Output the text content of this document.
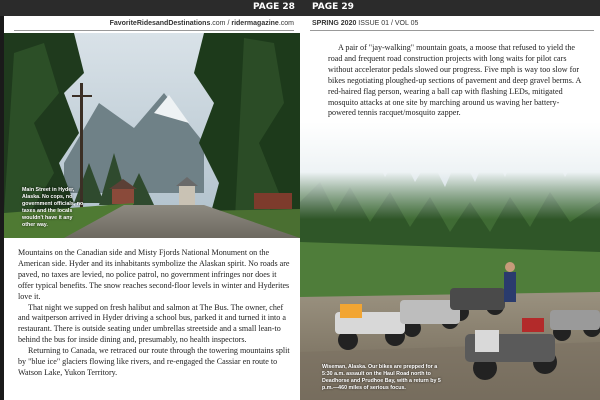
PAGE 28 PAGE 29
FavoriteRidesandDestinations.com / ridermagazine.com
Main Street in Hyder, Alaska. No cops, no government officials, no taxes and the locals wouldn't have it any other way.

Mountains on the Canadian side and Misty Fjords National Monument on the American side. Hyder and its inhabitants symbolize the Alaskan spirit. No roads are paved, no taxes are levied, no police patrol, no government infringes nor does it offer typical benefits. The snow reaches second-floor levels in winter and Hyderites love it.

That night we supped on fresh halibut and salmon at The Bus. The owner, chef and waitperson arrived in Hyder driving a school bus, parked it and turned it into a restaurant. There is outside seating under umbrellas streetside and a small lean-to behind the bus for inside dining and, presumably, no health inspectors.

Returning to Canada, we retraced our route through the towering mountains split by "blue ice" glaciers flowing like rivers, and re-engaged the Cassiar en route to Watson Lake, Yukon Territory.

SPRING 2020 ISSUE 01 / VOL 05
A pair of "jay-walking" mountain goats, a moose that refused to yield the road and frequent road construction projects with long waits for pilot cars without accelerator pedals slowed our progress. Five mph is way too slow for bikes negotiating ploughed-up sections of pavement and deep gravel berms. A red-haired flag person, wearing a ball cap with flashing LEDs, mitigated mosquito attacks at one site by marching around us waving her battery-powered tennis racquet/mosquito zapper.
Wiseman, Alaska. Our bikes are prepped for a 5:30 a.m. assault on the Haul Road north to Deadhorse and Prudhoe Bay, with a return by 5 p.m.—460 miles of serious focus.
